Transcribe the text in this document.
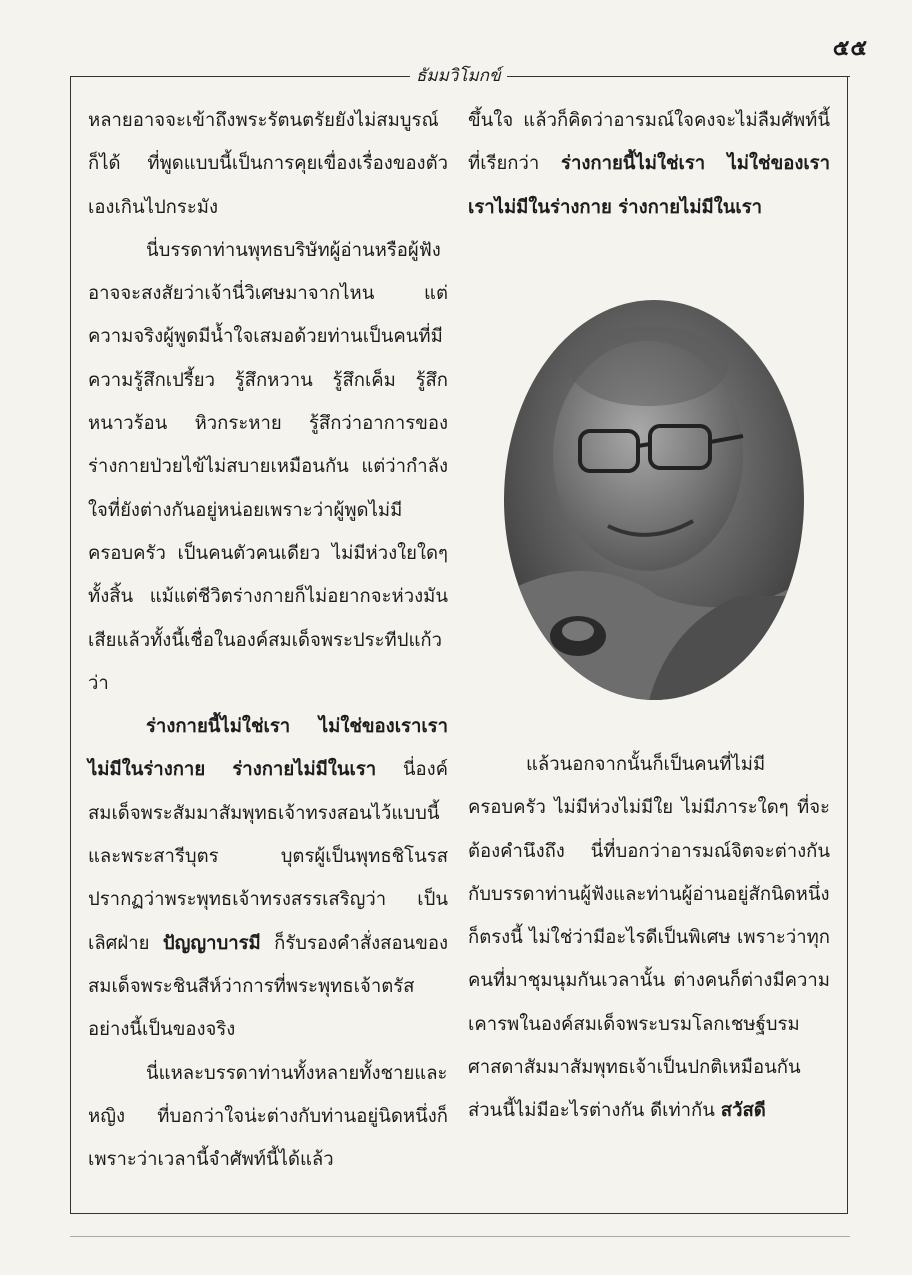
๕๕
ธัมมวิโมกข์

หลายอาจจะเข้าถึงพระรัตนตรัยยังไม่สมบูรณ์ก็ได้ ที่พูดแบบนี้เป็นการคุยเขื่องเรื่องของตัวเองเกินไปกระมัง

นี่บรรดาท่านพุทธบริษัทผู้อ่านหรือผู้ฟังอาจจะสงสัยว่าเจ้านี่วิเศษมาจากไหน แต่ความจริงผู้พูดมีน้ำใจเสมอด้วยท่านเป็นคนที่มีความรู้สึกเปรี้ยว รู้สึกหวาน รู้สึกเค็ม รู้สึกหนาวร้อน หิวกระหาย รู้สึกว่าอาการของร่างกายป่วยไข้ไม่สบายเหมือนกัน แต่ว่ากำลังใจที่ยังต่างกันอยู่หน่อยเพราะว่าผู้พูดไม่มีครอบครัว เป็นคนตัวคนเดียว ไม่มีห่วงใยใดๆ ทั้งสิ้น แม้แต่ชีวิตร่างกายก็ไม่อยากจะห่วงมันเสียแล้วทั้งนี้เชื่อในองค์สมเด็จพระประทีปแก้วว่า

ร่างกายนี้ไม่ใช่เรา ไม่ใช่ของเราเราไม่มีในร่างกาย ร่างกายไม่มีในเรา นี่องค์สมเด็จพระสัมมาสัมพุทธเจ้าทรงสอนไว้แบบนี้ และพระสารีบุตร บุตรผู้เป็นพุทธชิโนรส ปรากฏว่าพระพุทธเจ้าทรงสรรเสริญว่า เป็นเลิศฝ่าย ปัญญาบารมี ก็รับรองคำสั่งสอนของสมเด็จพระชินสีห์ว่าการที่พระพุทธเจ้าตรัสอย่างนี้เป็นของจริง

นี่แหละบรรดาท่านทั้งหลายทั้งชายและหญิง ที่บอกว่าใจน่ะต่างกับท่านอยู่นิดหนึ่งก็เพราะว่าเวลานี้จำศัพท์นี้ได้แล้ว

ขึ้นใจ แล้วก็คิดว่าอารมณ์ใจคงจะไม่ลืมศัพท์นี้ ที่เรียกว่า ร่างกายนี้ไม่ใช่เรา ไม่ใช่ของเรา เราไม่มีในร่างกาย ร่างกายไม่มีในเรา

แล้วนอกจากนั้นก็เป็นคนที่ไม่มีครอบครัว ไม่มีห่วงไม่มีใย ไม่มีภาระใดๆ ที่จะต้องคำนึงถึง นี่ที่บอกว่าอารมณ์จิตจะต่างกันกับบรรดาท่านผู้ฟังและท่านผู้อ่านอยู่สักนิดหนึ่งก็ตรงนี้ ไม่ใช่ว่ามีอะไรดีเป็นพิเศษ เพราะว่าทุกคนที่มาชุมนุมกันเวลานั้น ต่างคนก็ต่างมีความเคารพในองค์สมเด็จพระบรมโลกเชษฐ์บรมศาสดาสัมมาสัมพุทธเจ้าเป็นปกติเหมือนกัน ส่วนนี้ไม่มีอะไรต่างกัน ดีเท่ากัน สวัสดี
